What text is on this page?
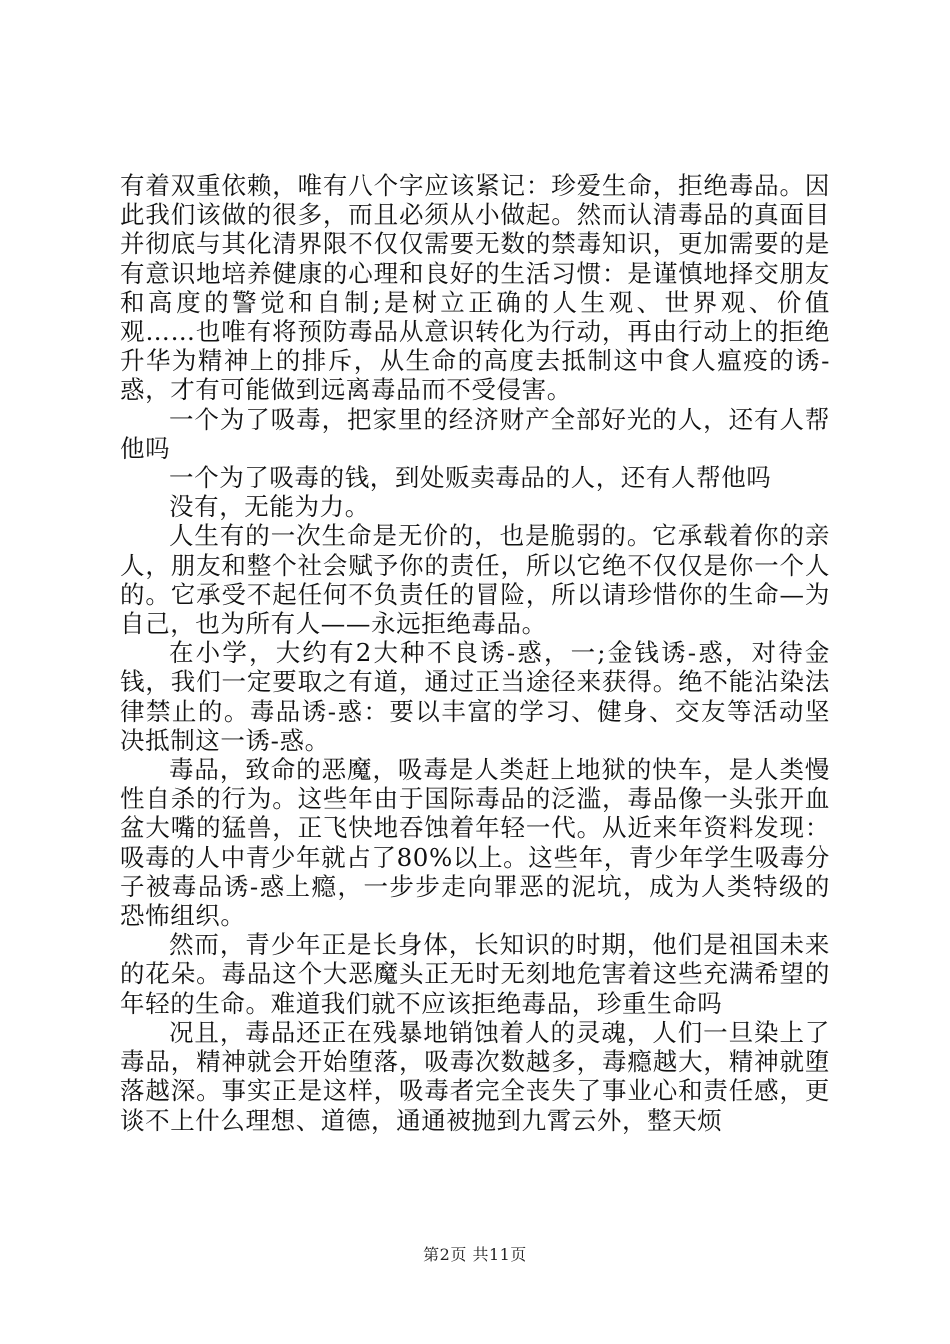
有着双重依赖，唯有八个字应该紧记：珍爱生命，拒绝毒品。因此我们该做的很多，而且必须从小做起。然而认清毒品的真面目并彻底与其化清界限不仅仅需要无数的禁毒知识，更加需要的是有意识地培养健康的心理和良好的生活习惯：是谨慎地择交朋友和高度的警觉和自制;是树立正确的人生观、世界观、价值观……也唯有将预防毒品从意识转化为行动，再由行动上的拒绝升华为精神上的排斥，从生命的高度去抵制这中食人瘟疫的诱-惑，才有可能做到远离毒品而不受侵害。

一个为了吸毒，把家里的经济财产全部好光的人，还有人帮他吗

一个为了吸毒的钱，到处贩卖毒品的人，还有人帮他吗

没有，无能为力。

人生有的一次生命是无价的，也是脆弱的。它承载着你的亲人，朋友和整个社会赋予你的责任，所以它绝不仅仅是你一个人的。它承受不起任何不负责任的冒险，所以请珍惜你的生命—为自己，也为所有人——永远拒绝毒品。

在小学，大约有2大种不良诱-惑，一;金钱诱-惑，对待金钱，我们一定要取之有道，通过正当途径来获得。绝不能沾染法律禁止的。毒品诱-惑：要以丰富的学习、健身、交友等活动坚决抵制这一诱-惑。

毒品，致命的恶魔，吸毒是人类赶上地狱的快车，是人类慢性自杀的行为。这些年由于国际毒品的泛滥，毒品像一头张开血盆大嘴的猛兽，正飞快地吞蚀着年轻一代。从近来年资料发现：吸毒的人中青少年就占了80%以上。这些年，青少年学生吸毒分子被毒品诱-惑上瘾，一步步走向罪恶的泥坑，成为人类特级的恐怖组织。

然而，青少年正是长身体，长知识的时期，他们是祖国未来的花朵。毒品这个大恶魔头正无时无刻地危害着这些充满希望的年轻的生命。难道我们就不应该拒绝毒品，珍重生命吗

况且，毒品还正在残暴地销蚀着人的灵魂，人们一旦染上了毒品，精神就会开始堕落，吸毒次数越多，毒瘾越大，精神就堕落越深。事实正是这样，吸毒者完全丧失了事业心和责任感，更谈不上什么理想、道德，通通被抛到九霄云外，整天烦

第2页 共11页
